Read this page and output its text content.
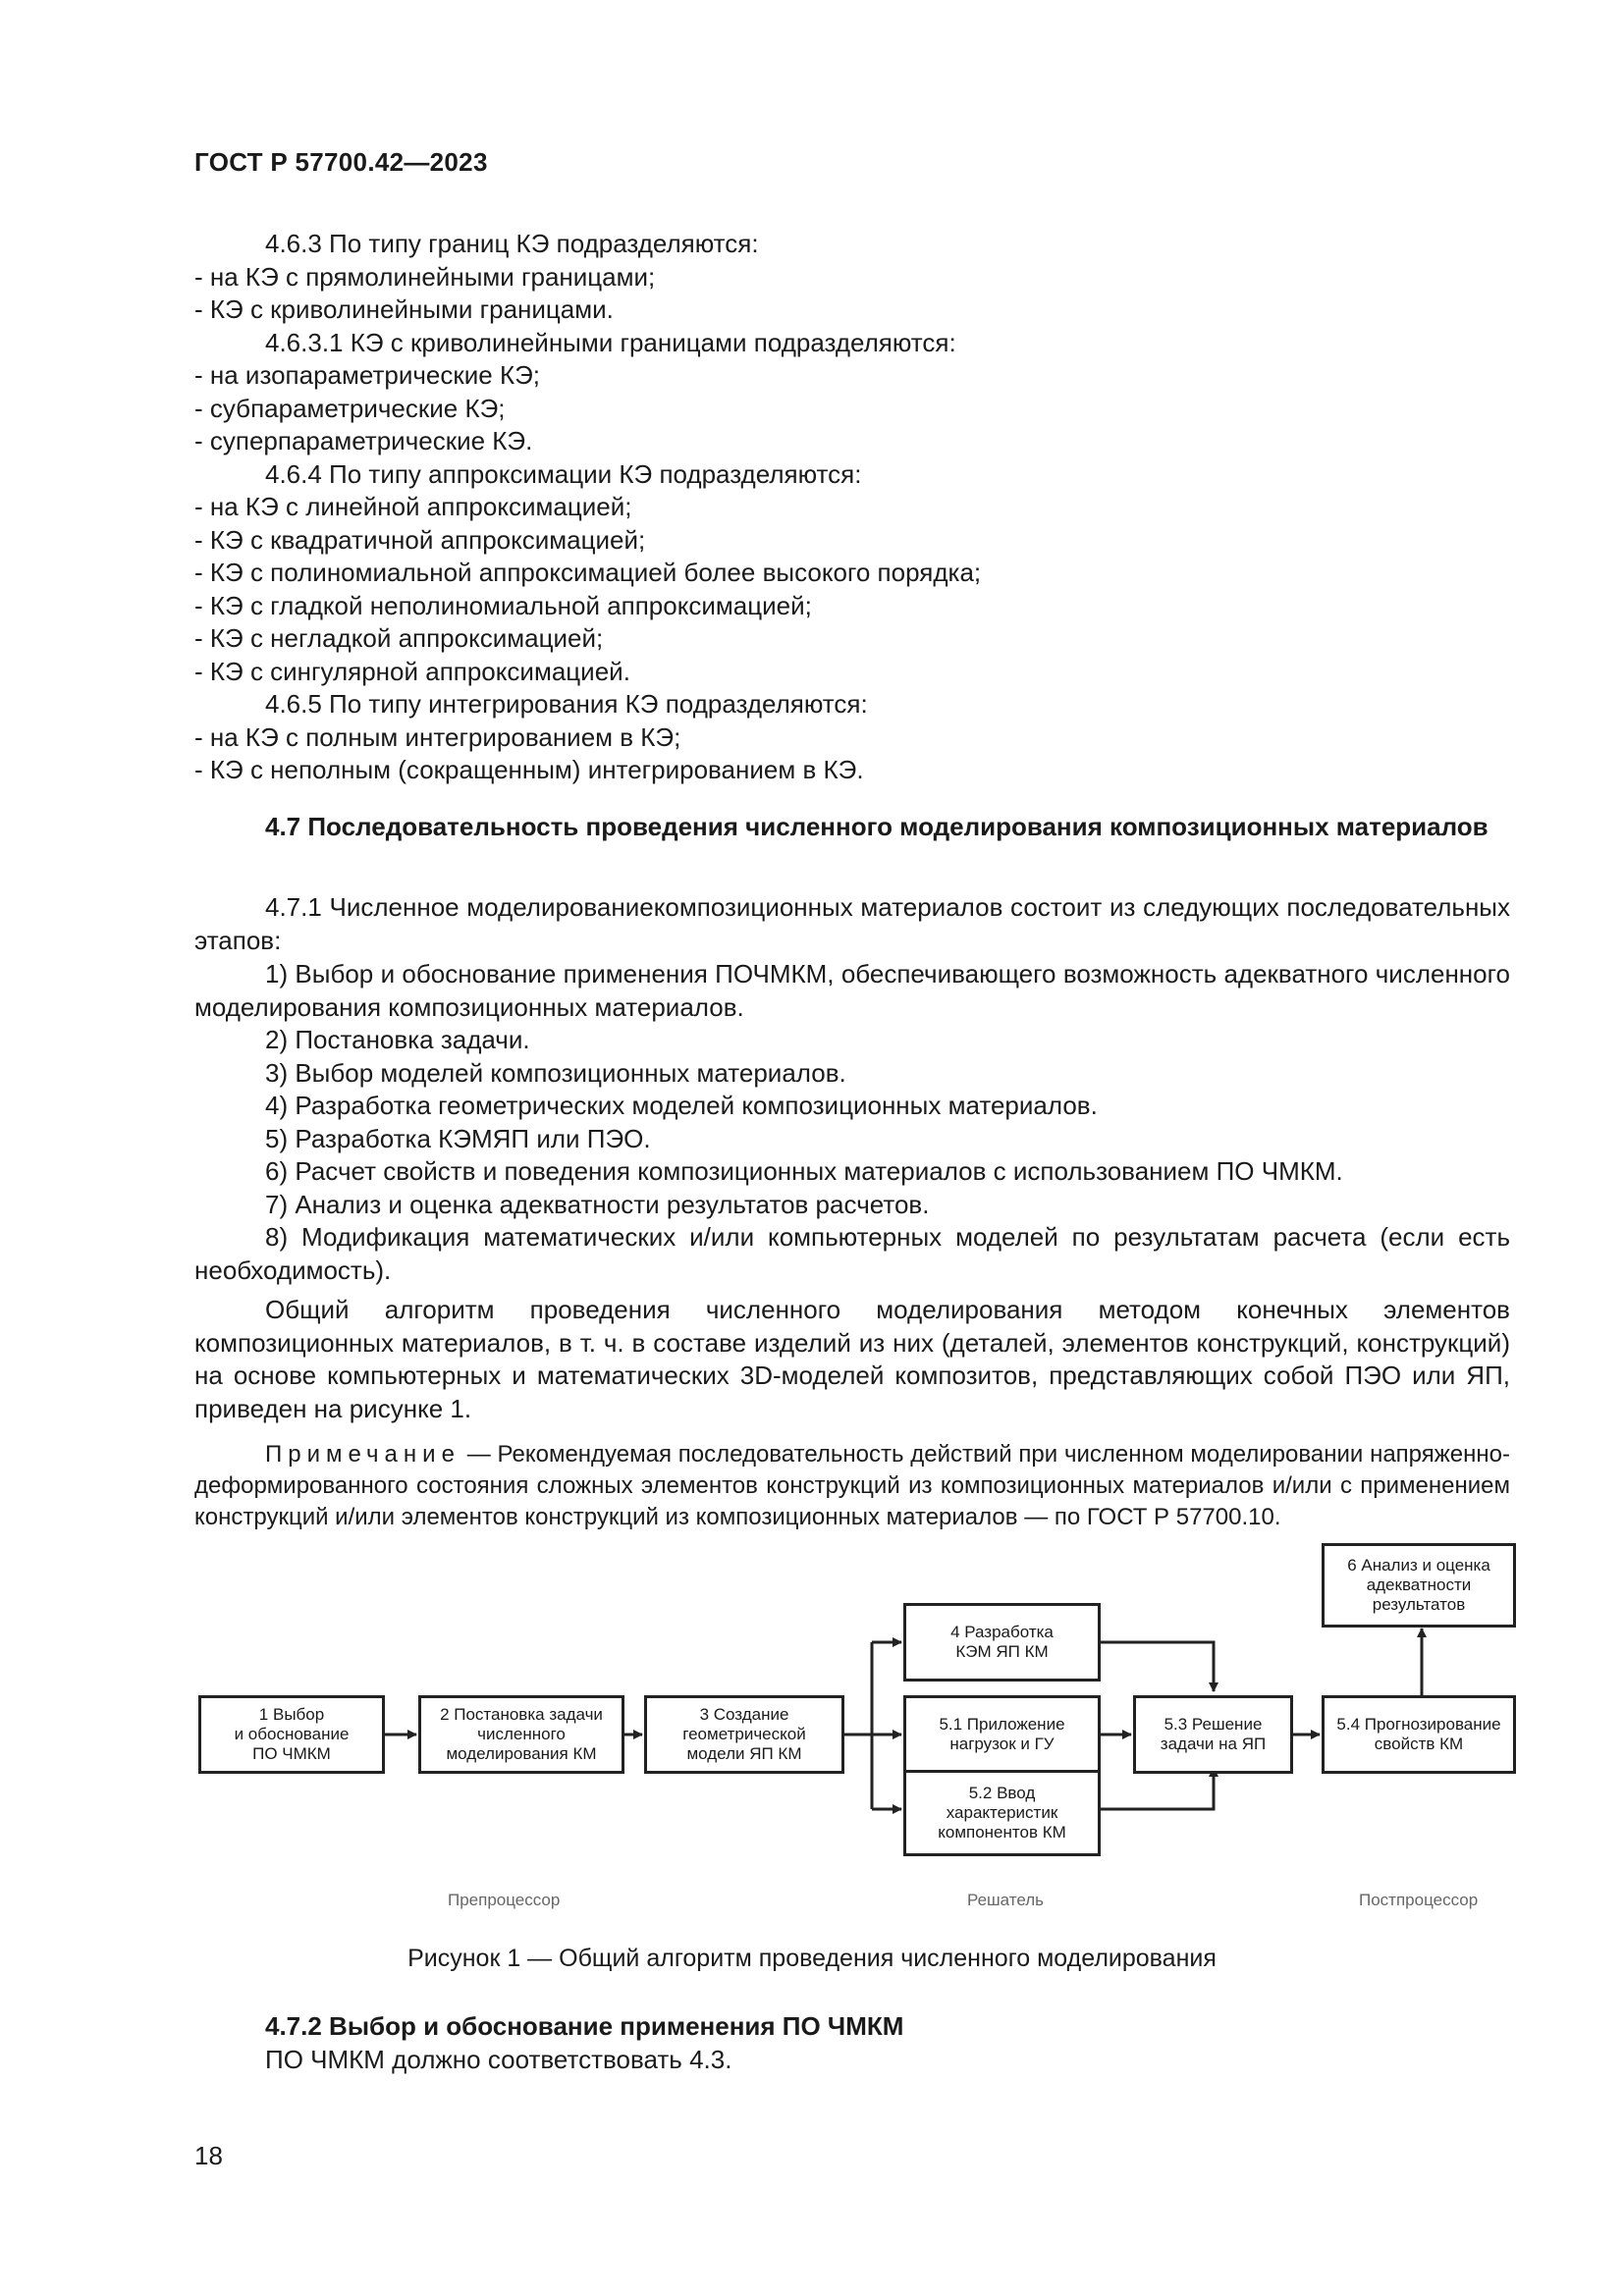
ГОСТ Р 57700.42—2023
4.6.3 По типу границ КЭ подразделяются:
- на КЭ с прямолинейными границами;
- КЭ с криволинейными границами.
4.6.3.1 КЭ с криволинейными границами подразделяются:
- на изопараметрические КЭ;
- субпараметрические КЭ;
- суперпараметрические КЭ.
4.6.4 По типу аппроксимации КЭ подразделяются:
- на КЭ с линейной аппроксимацией;
- КЭ с квадратичной аппроксимацией;
- КЭ с полиномиальной аппроксимацией более высокого порядка;
- КЭ с гладкой неполиномиальной аппроксимацией;
- КЭ с негладкой аппроксимацией;
- КЭ с сингулярной аппроксимацией.
4.6.5 По типу интегрирования КЭ подразделяются:
- на КЭ с полным интегрированием в КЭ;
- КЭ с неполным (сокращенным) интегрированием в КЭ.
4.7 Последовательность проведения численного моделирования композиционных материалов
4.7.1 Численное моделированиекомпозиционных материалов состоит из следующих последовательных этапов:
1) Выбор и обоснование применения ПОЧМКМ, обеспечивающего возможность адекватного численного моделирования композиционных материалов.
2) Постановка задачи.
3) Выбор моделей композиционных материалов.
4) Разработка геометрических моделей композиционных материалов.
5) Разработка КЭМЯП или ПЭО.
6) Расчет свойств и поведения композиционных материалов с использованием ПО ЧМКМ.
7) Анализ и оценка адекватности результатов расчетов.
8) Модификация математических и/или компьютерных моделей по результатам расчета (если есть необходимость).
Общий алгоритм проведения численного моделирования методом конечных элементов композиционных материалов, в т. ч. в составе изделий из них (деталей, элементов конструкций, конструкций) на основе компьютерных и математических 3D-моделей композитов, представляющих собой ПЭО или ЯП, приведен на рисунке 1.
Примечание — Рекомендуемая последовательность действий при численном моделировании напряженно-деформированного состояния сложных элементов конструкций из композиционных материалов и/или с применением конструкций и/или элементов конструкций из композиционных материалов — по ГОСТ Р 57700.10.
1 Выбор
и обоснование
ПО ЧМКМ
2 Постановка задачи
численного
моделирования КМ
3 Создание
геометрической
модели ЯП КМ
4 Разработка
КЭМ ЯП КМ
5.1 Приложение
нагрузок и ГУ
5.2 Ввод
характеристик
компонентов КМ
5.3 Решение
задачи на ЯП
5.4 Прогнозирование
свойств КМ
6 Анализ и оценка
адекватности
результатов
Препроцессор	Решатель	Постпроцессор
Рисунок 1 — Общий алгоритм проведения численного моделирования
4.7.2 Выбор и обоснование применения ПО ЧМКМ
ПО ЧМКМ должно соответствовать 4.3.
18
